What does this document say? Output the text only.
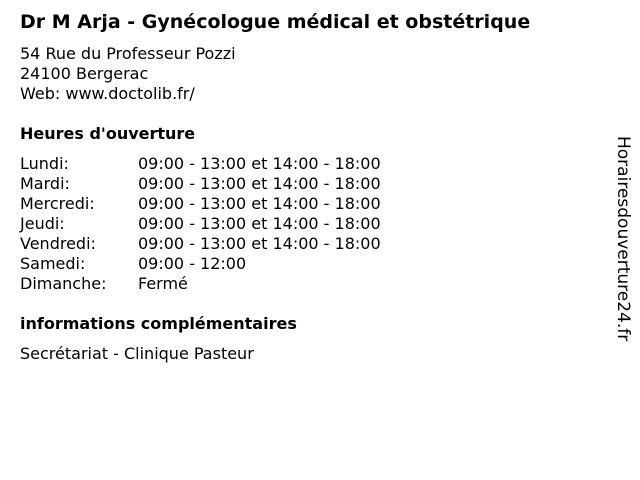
Dr M Arja - Gynécologue médical et obstétrique
54 Rue du Professeur Pozzi
24100 Bergerac
Web: www.doctolib.fr/
Heures d'ouverture
Lundi:	09:00 - 13:00 et 14:00 - 18:00
Mardi:	09:00 - 13:00 et 14:00 - 18:00
Mercredi:	09:00 - 13:00 et 14:00 - 18:00
Jeudi:	09:00 - 13:00 et 14:00 - 18:00
Vendredi:	09:00 - 13:00 et 14:00 - 18:00
Samedi:	09:00 - 12:00
Dimanche:	Fermé
informations complémentaires
Secrétariat - Clinique Pasteur
Horairesdouverture24.fr
